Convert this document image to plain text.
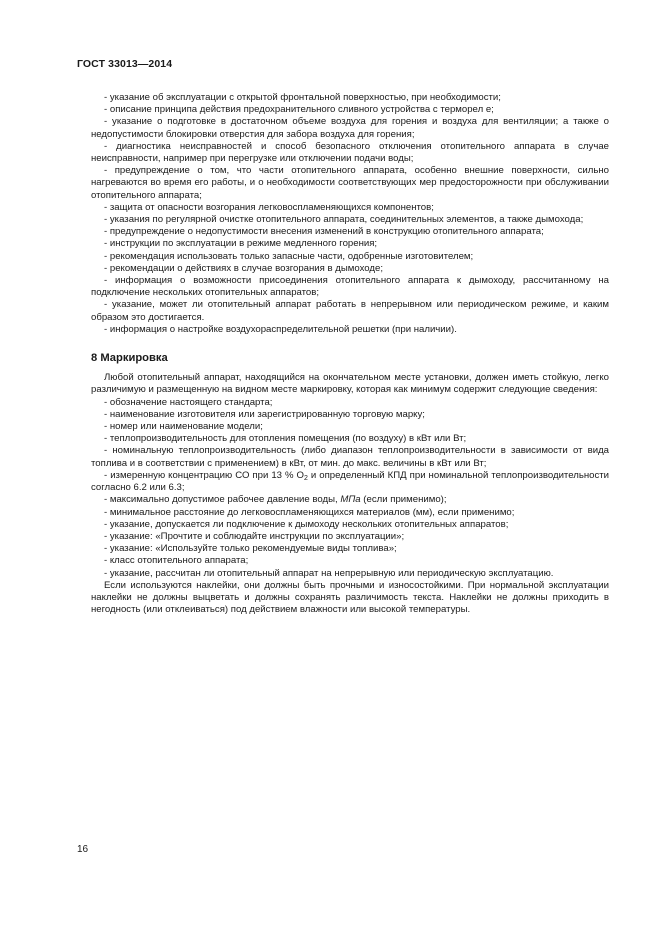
ГОСТ 33013—2014

- указание об эксплуатации с открытой фронтальной поверхностью, при необходимости;

- описание принципа действия предохранительного сливного устройства с терморел е;

- указание о подготовке в достаточном объеме воздуха для горения и воздуха для вентиляции; а также о недопустимости блокировки отверстия для забора воздуха для горения;

- диагностика неисправностей и способ безопасного отключения отопительного аппарата в случае неисправности, например при перегрузке или отключении подачи воды;

- предупреждение о том, что части отопительного аппарата, особенно внешние поверхности, сильно нагреваются во время его работы, и о необходимости соответствующих мер предосторожности при обслуживании отопительного аппарата;

- защита от опасности возгорания легковоспламеняющихся компонентов;

- указания по регулярной очистке отопительного аппарата, соединительных элементов, а также дымохода;

- предупреждение о недопустимости внесения изменений в конструкцию отопительного аппарата;

- инструкции по эксплуатации в режиме медленного горения;

- рекомендация использовать только запасные части, одобренные изготовителем;

- рекомендации о действиях в случае возгорания в дымоходе;

- информация о возможности присоединения отопительного аппарата к дымоходу, рассчитанному на подключение нескольких отопительных аппаратов;

- указание, может ли отопительный аппарат работать в непрерывном или периодическом режиме, и каким образом это достигается.

- информация о настройке воздухораспределительной решетки (при наличии).

8 Маркировка

Любой отопительный аппарат, находящийся на окончательном месте установки, должен иметь стойкую, легко различимую и размещенную на видном месте маркировку, которая как минимум содержит следующие сведения:

- обозначение настоящего стандарта;

- наименование изготовителя или зарегистрированную торговую марку;

- номер или наименование модели;

- теплопроизводительность для отопления помещения (по воздуху) в кВт или Вт;

- номинальную теплопроизводительность (либо диапазон теплопроизводительности в зависимости от вида топлива и в соответствии с применением) в кВт, от мин. до макс. величины в кВт или Вт;

- измеренную концентрацию СО при 13 % $О_2$ и определенный КПД при номинальной теплопроизводительности согласно 6.2 или 6.3;

- максимально допустимое рабочее давление воды, МПа (если применимо);

- минимальное расстояние до легковоспламеняющихся материалов (мм), если применимо;

- указание, допускается ли подключение к дымоходу нескольких отопительных аппаратов;

- указание: «Прочтите и соблюдайте инструкции по эксплуатации»;

- указание: «Используйте только рекомендуемые виды топлива»;

- класс отопительного аппарата;

- указание, рассчитан ли отопительный аппарат на непрерывную или периодическую эксплуатацию.

Если используются наклейки, они должны быть прочными и износостойкими. При нормальной эксплуатации наклейки не должны выцветать и должны сохранять различимость текста. Наклейки не должны приходить в негодность (или отклеиваться) под действием влажности или высокой температуры.

16
